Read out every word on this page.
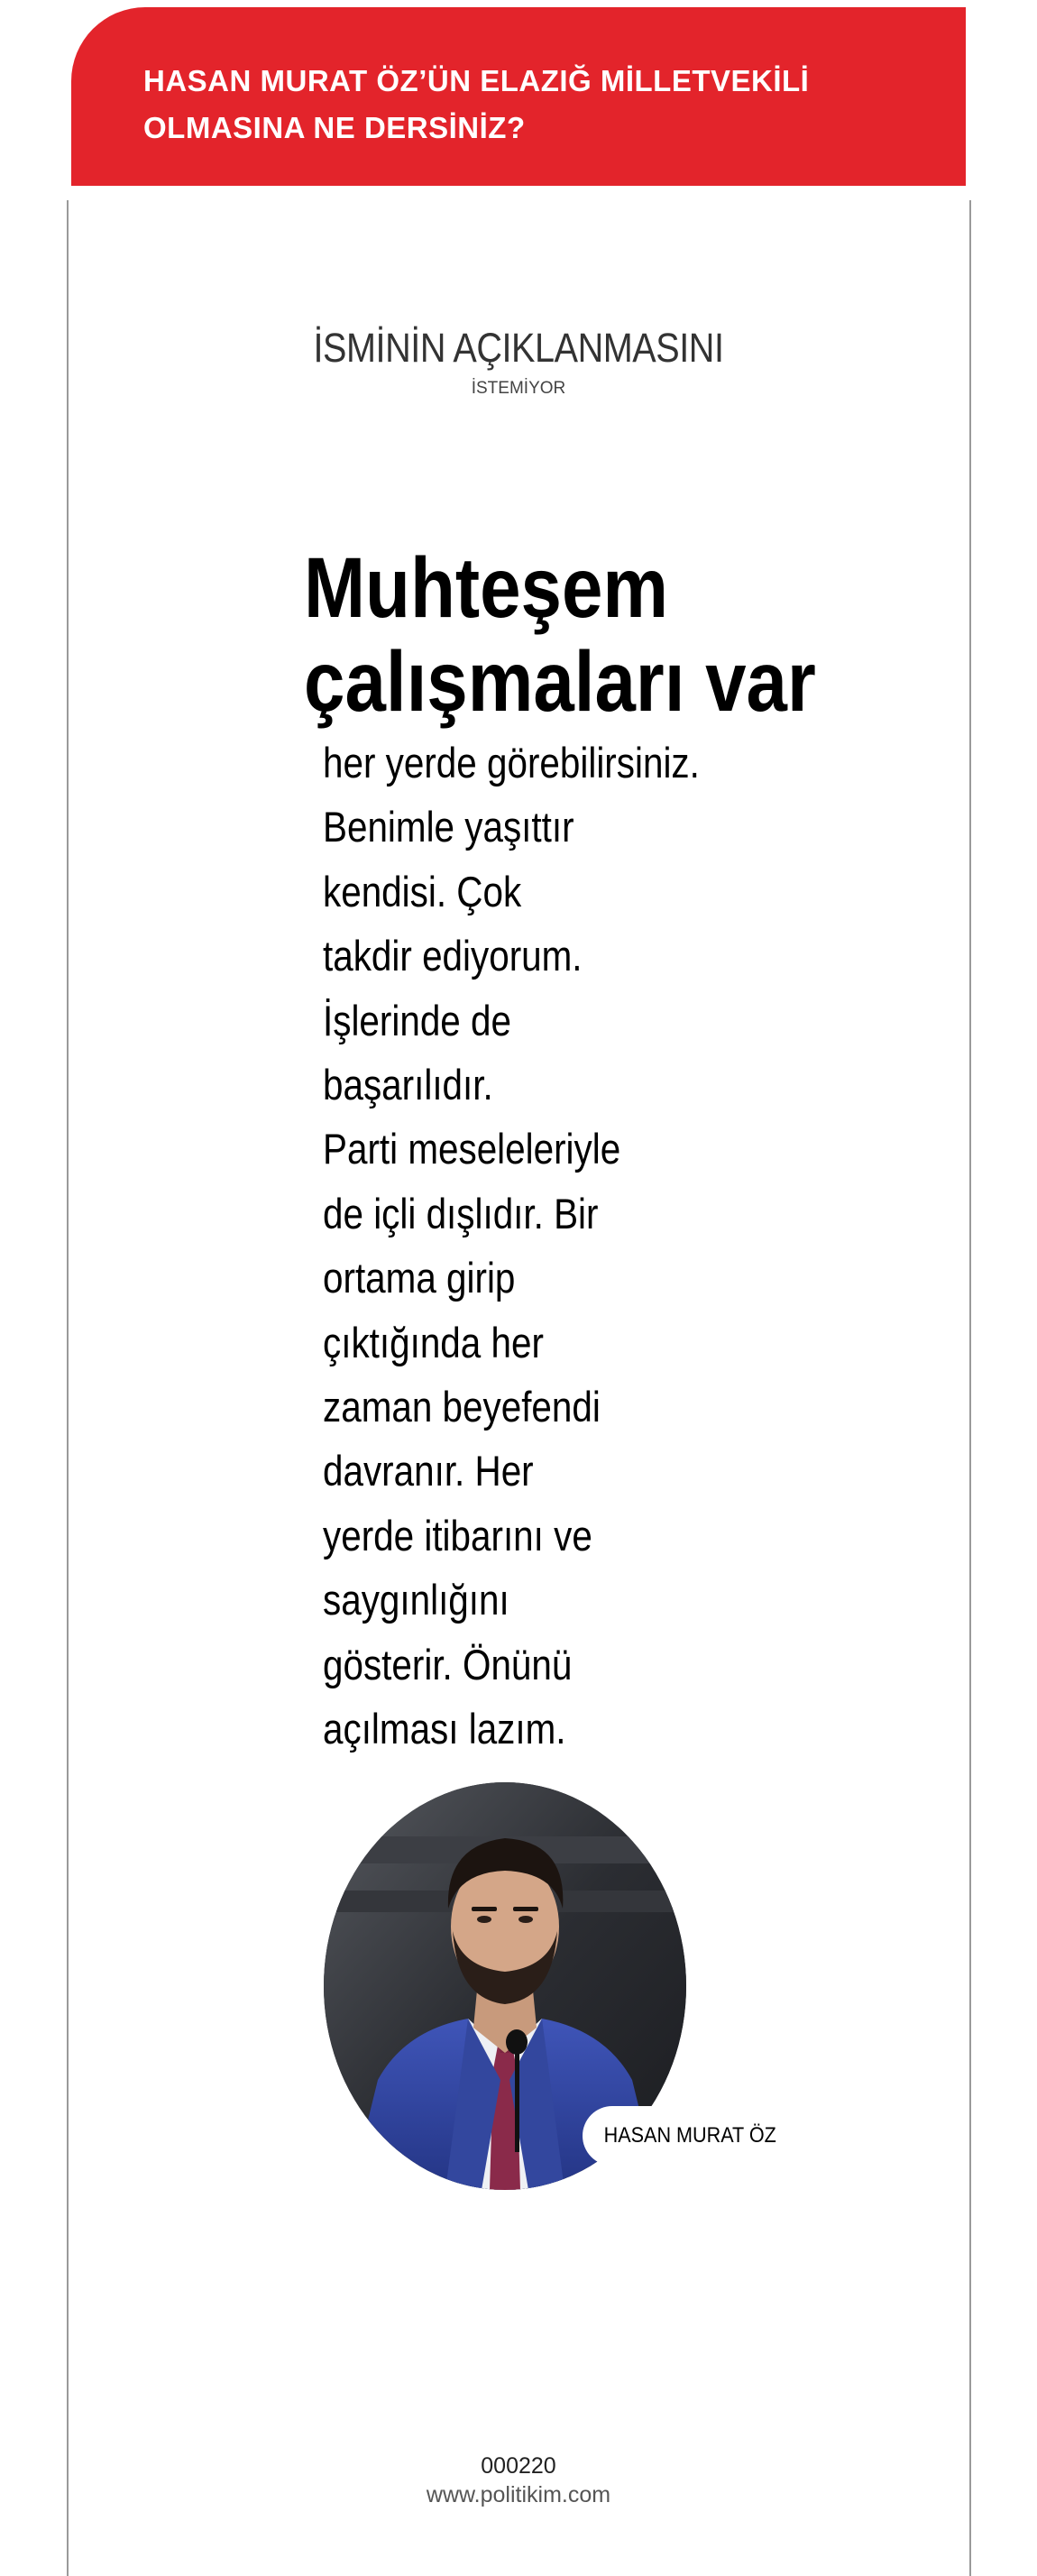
HASAN MURAT ÖZ’ÜN ELAZIĞ MİLLETVEKİLİ
OLMASINA NE DERSİNİZ?
İSMİNİN AÇIKLANMASINI
İSTEMİYOR
Muhteşem
çalışmaları var
her yerde görebilirsiniz.
Benimle yaşıttır
kendisi. Çok
takdir ediyorum.
İşlerinde de
başarılıdır.
Parti meseleleriyle
de içli dışlıdır. Bir
ortama girip
çıktığında her
zaman beyefendi
davranır. Her
yerde itibarını ve
saygınlığını
gösterir. Önünü
açılması lazım.
HASAN MURAT ÖZ
000220
www.politikim.com
